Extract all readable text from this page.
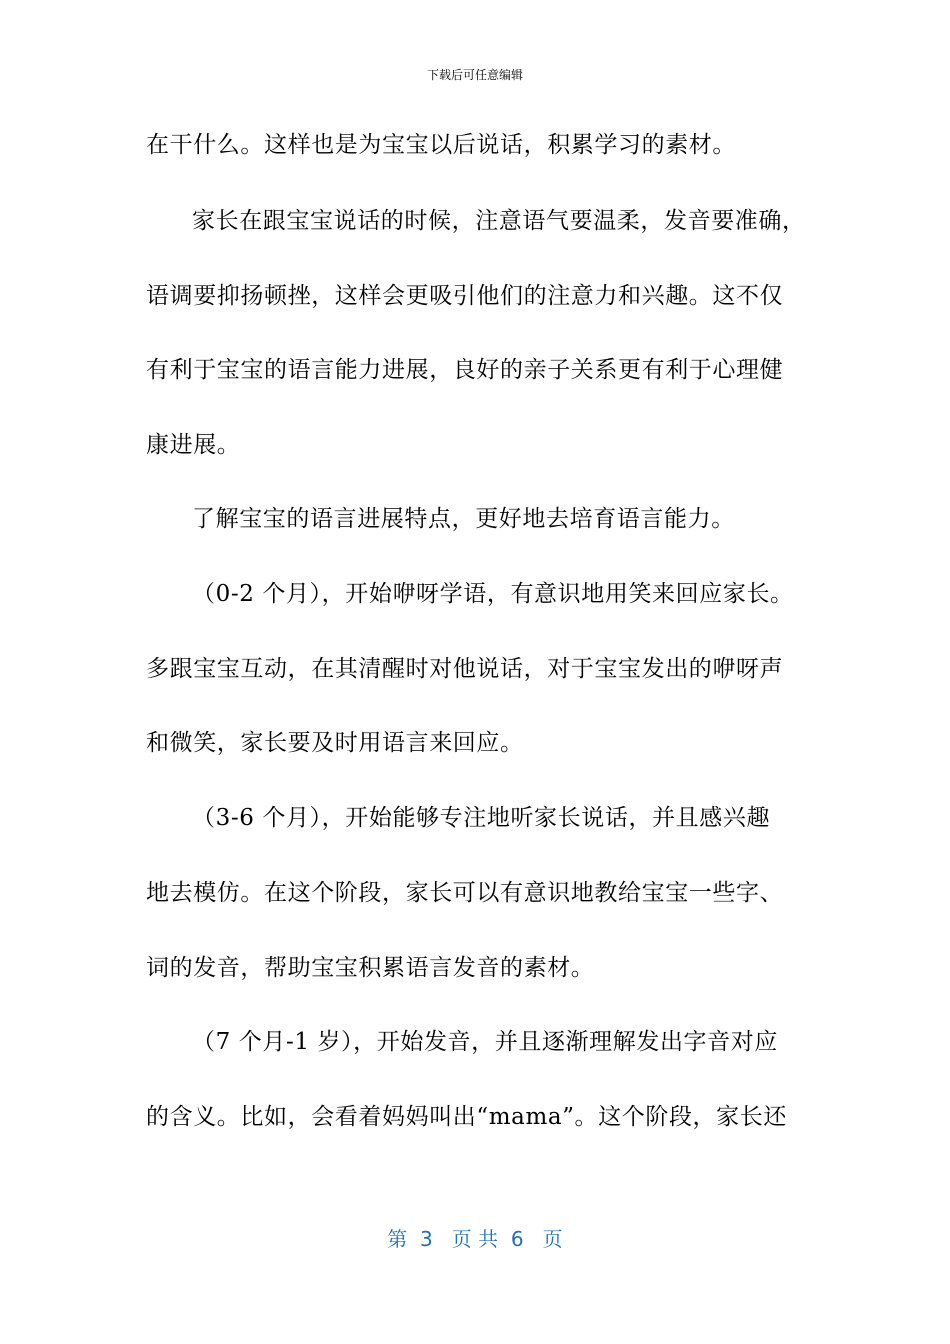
下载后可任意编辑
在干什么。这样也是为宝宝以后说话，积累学习的素材。
家长在跟宝宝说话的时候，注意语气要温柔，发音要准确，
语调要抑扬顿挫，这样会更吸引他们的注意力和兴趣。这不仅
有利于宝宝的语言能力进展，良好的亲子关系更有利于心理健
康进展。
了解宝宝的语言进展特点，更好地去培育语言能力。
（0-2 个月），开始咿呀学语，有意识地用笑来回应家长。
多跟宝宝互动，在其清醒时对他说话，对于宝宝发出的咿呀声
和微笑，家长要及时用语言来回应。
（3-6 个月），开始能够专注地听家长说话，并且感兴趣
地去模仿。在这个阶段，家长可以有意识地教给宝宝一些字、
词的发音，帮助宝宝积累语言发音的素材。
（7 个月-1 岁），开始发音，并且逐渐理解发出字音对应
的含义。比如，会看着妈妈叫出“mama”。这个阶段，家长还
第  3   页 共  6   页
